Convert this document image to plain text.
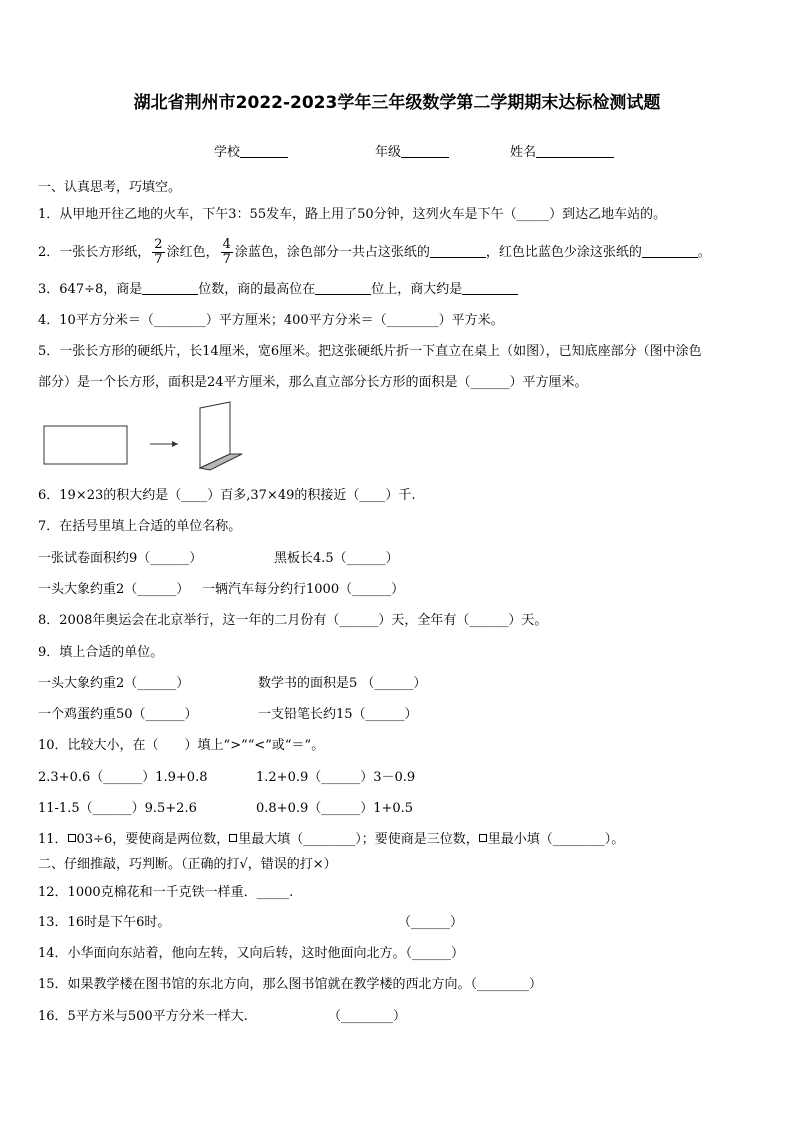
湖北省荆州市2022-2023学年三年级数学第二学期期末达标检测试题
学校	年级	姓名
一、认真思考，巧填空。
1．从甲地开往乙地的火车，下午3：55发车，路上用了50分钟，这列火车是下午（_____）到达乙地车站的。
2．一张长方形纸， $\frac{2}{7}$ 涂红色， $\frac{4}{7}$ 涂蓝色，涂色部分一共占这张纸的	，红色比蓝色少涂这张纸的	。
3．647÷8，商是	位数，商的最高位在	位上，商大约是
4．10平方分米＝（________）平方厘米；400平方分米＝（________）平方米。
5．一张长方形的硬纸片，长14厘米，宽6厘米。把这张硬纸片折一下直立在桌上（如图），已知底座部分（图中涂色
部分）是一个长方形，面积是24平方厘米，那么直立部分长方形的面积是（______）平方厘米。
6．19×23的积大约是（____）百多,37×49的积接近（____）千.
7．在括号里填上合适的单位名称。
一张试卷面积约9（______）	黑板长4.5（______）
一头大象约重2（______） 一辆汽车每分约行1000（______）
8．2008年奥运会在北京举行，这一年的二月份有（______）天，全年有（______）天。
9．填上合适的单位。
一头大象约重2（______）	数学书的面积是5 （______）
一个鸡蛋约重50（______）	一支铅笔长约15（______）
10．比较大小，在（　　）填上“>”“<”或“＝”。
2.3+0.6（______）1.9+0.8	1.2+0.9（______）3－0.9
11-1.5（______）9.5+2.6	0.8+0.9（______）1+0.5
11． 03÷6，要使商是两位数， 里最大填（________）；要使商是三位数， 里最小填（________）。
二、仔细推敲，巧判断。（正确的打√，错误的打×）
12．1000克棉花和一千克铁一样重．_____.
13．16时是下午6时。	（______）
14．小华面向东站着，他向左转，又向后转，这时他面向北方。（______）
15．如果教学楼在图书馆的东北方向，那么图书馆就在教学楼的西北方向。（________）
16．5平方米与500平方分米一样大.	（________）
